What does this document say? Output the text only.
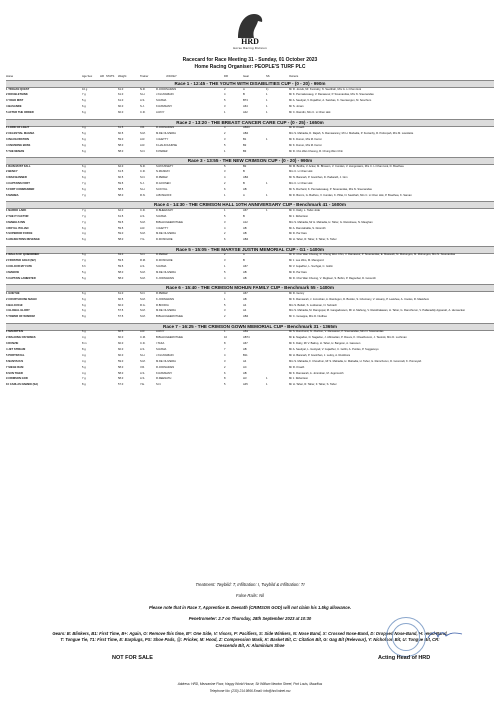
HRD
Horse Racing Division
Racecard for Race Meeting 31 - Sunday, 01 October 2023
Home Racing Organiser: PEOPLE'S TURF PLC
Horse	Age Sex	HR STATS Weight	Trainer	JOCKEY	DR	Gear	SS	Owners
Race 1 - 12:45 - THE YOUTH WITH DISABILITIES CUP - (0 - 20) - 990m
1 TROJAN QUEST	10 g	61.0	N.R.	R.JODDNARAIN	2	A	1)	Mr R. Jouvik, Mr. Kunnaby, N. Seetthah, Mrs G. Li Chen Hok
2 DOUBLETHINK	7 g	61.0	S.H.	J.KLUNGBAIN	4	B	1	Mr K. Pennatussaug, V. Ramasour, P. Sreenandas, Mrs N. Sreenandas
3 YOHO MIST	5 g	61.0	A.S.	S.RAMA	5	BT4	1	Mr A. Seedyal, V. Dujadhur, A. Sambas, K. Veersengun, M. Soochum
4 BASANDE	6 g	60.0	S.J.	K.RAMSAMY	3	A64	1	Mr S. Jonan
5 AFTER THE ORDER	6 g	60.0	C.R.	A.ROY	1	A42	1	Mr C. Ramdin, Mrs C. Li Chen Hok
Race 2 - 13:20 - THE BREAST CANCER CARE CUP - (0 - 25) - 1650m
1 LORD OF LIGHT	4 g	61.5	V.R.	R.JODNARAIN	4	AB43	Mr R. Kroath
2 CELESTIAL MAGMA	5 g	60.5	S.M.	M.DE OLIVEIRA	2	AB4	Mrs S. Mahadia, D. Rajiah, S. Ramsaranny, Mr H. Mahadia, P. Kucianby, R. Pulicopah, Mrs M. Laviolette
3 INAUGURATION	6 g	59.0	A.R.	I.CHETTY	3	B1	1	Mr K. Dunun, Mrs M. Ferrei
4 UNIVERSE BOSS	6 g	58.0	A.R.	K.HALKOHURSE	5	B2	Mr K. Dunun, Mrs M. Ferrei
5 THE NEMAN	6 g	58.0	S.N.	K.PEREZ	1	B3	Mr D. Cho Wan Cheong, R. Chung Wen Chin
Race 3 - 13:55 - THE NEW CRIMSON CUP - (0 - 20) - 990m
1 RAIN MUST FALL	6 g	62.0	N.R.	S.ROUSSETY	5	B2	Mr M. Bodha, V. Ackar, M. Bhowon, V. Cundan, V. Hungooiaim, Mrs C. Li Chan Hok, D. Bowthea
2 BENCY	6 g	61.5	C.R.	N.MANDAY	3	B	Mrs C. Li Chan Hok
3 WAR BANNER	6 g	60.5	S.N.	R.PEREZ	4	AB4	Mr N. Baranah, P. Goolchan, D. Padarath, J. Gim
4 CAPTAINS FORT	7 g	59.5	S.J.	R.GOOSEN	2	B	1	Mrs C. Li Chan Hok
5 FORT COMMANDER	6 g	58.5	S.H.	S.DOYAL	6	AB	Mr S. Rochard, K. Pennatussaug, P. Sreenandas, Mrs N. Sreenandas
6 MAMBA	7 g	58.0	R.N.	A.BOSHOFF	1	A	1	Mr D. Borom, G. Budhoo, V. Cundan, K. Pillai, N. Seetthah, Mrs C. Li Chen Hok, P. Bowthea, K. Saman
Race 4 - 14:30 - THE CRIMSON HALL 10TH ANNIVERSARY CUP - Benchmark 41 - 1600m
1 NARDO LARK	7 g	62.0	C.D.	D.BHEEKARY	1	A67	1	Mr C. Daby, L. Todet Jode
2 THE IT FACTOR	7 g	61.5	A.S.	S.RAMA	5	B	Mr J. Robertson
3 MABELS INN	7 g	59.5	S.M.	B.BHAUGEEROTHEE	3	A12	Mrs S. Mahadia, Mr H. Mahadia, H. Taher, G. Ramsbeee, N. Maughan
4 ROYAL ITALIAN	6 g	59.5	A.R.	I.CHETTY	4	AB	Mr A. Ramcahallia, S. Doomith
5 SUPERIOR FORCE	4 g	59.0	S.M.	M.DE OLIVEIRA	2	AB	Mr D. Par Kare
6 ARLINGTONS REVENGE	6 g	58.0	Y.G.	D.DONOHOE	6	AB4	Mr H. Taher, R. Taher, F. Taher, S. Taher
Race 5 - 15:05 - THE MARYSE JUSTIN MEMORIAL CUP - G1 - 1400m
1 WALLS OF QUIBORNEK	6 g	63.0	S.N.	R.PEREZ	2	A	Mr D. Chui Wan Cheong, R. Chung Wen Chin, V. Ramasour, P. Sreenandas, E. Masseidi, M. Mohungoo, M. Mohungoo, Mrs N. Sreenandas
2 FROSTED GOLD (NZ)	7 g	59.5	R.M.	D.DONOHOE	3	B	Mr J. Lee Woo, M. Mamgond
3 COLOUR MY FATE	6 h	59.5	A.S.	S.RAMA	1	A67	Mr V. Gujadhur, L. Sochgal, C. Gollin
4 MANOSI	5 g	58.0	S.M.	M.DE OLIVEIRA	5	AB	Mr D. Par Kare
5 CAPTAIN LAMBSTER	5 g	58.0	S.M.	K.JODNARAIN	4	AB	Mr D. Chui Wan Cheong, V. Rugbeer, S. Bobin, P. Ragoobar, D. Goounth
Race 6 - 15:40 - THE CRIMSON MOHUN FAMILY CUP - Benchmark 55 - 1400m
1 GOETHE	6 g	61.0	S.N.	R.PEREZ	4	A67	Mr D. Genny
2 COURTHOUSE MAGIC	6 g	60.5	S.M.	K.JODNARAIN	1	AB	Mr K. Ramsarah, J. Jonnoban, A. Ramlugun, D. Bootko, S. Ghurnany, V. Hosany, P. Leekhee, A. Cooles, R. Maekhem
3 BALOUCHI	6 g	60.0	R.G.	R.BOOFIA	5	A4	Mrs S. Beltah, S. Ludraman, N. Subrach
4 GLOBAL GLORY	6 g	57.5	S.M.	M.DE OLIVEIRA	3	A4	Mrs S. Mahadia, M. Ramgopal, M. Gangadosoon, Mr H. Mahung, V. Ramkhalawan, H. Taher, G. Ramchurun, V. Pallanaddy Appanah, A. Hunseckun
5 TOWER OF WISDOM	8 g	57.5	S.M.	B.BHAUGEEROTHEE	2	AB4	Mr C. Gooappa, Mrs D. Nudhee
Race 7 - 16:25 - THE CRIMSON GOWN MEMORIAL CUP - Benchmark 31 - 1365m
1 MAURITIUS	6 g	60.5	A.R.	A.ROY	1	AB1	Mr S. Runchund, N. Jhurbon, V. Ramasour, P. Sreenandas, Mrs N. Sreenandas
2 WALKING ON WINGS	4 g	60.0	C.M.	B.BHAUGEEROTHEE	10	AB74	Mr E. Nagadoo, D. Nagadoo, J. Abbowitan, P. Rouva, K. Cheathoooro, J. Teelock, Mrs D. Luchman
3 DUNZIE	8 m	60.0	C.D.	I.TAKA	8	A67	Mr K. Daby, Mr V. Balrup, H. Taher, H. Bargoon, A. Gassoun
4 JET STREAM	8 g	60.0	A.S.	S.RAMA	7	AB	Mr A. Seedyal, L. Goolyad, V. Gujadhur, C. Gollin, A. Purdes, P. Sugganeyo
5 PORTRAYAL	4 g	60.0	S.H.	J.KLUNGBAIN	4	B11	Mr H. Baranah, P. Goolchan, J. Ledoy, A. Ruckbora
6 NANTACUS	4 g	59.0	S.M.	M.DE OLIVEIRA	3	A4	Mrs S. Mahadia, F. Choudrun, Mr S. Mahadia, H. Mahadia, H. Taher, G. Ramchurun, D. Gooroodi, K. Poimoyah
7 SIEGE RAM	5 g	58.0	V.R.	R.JODNARAIN	2	AC	Mr R. Kroath
8 SUN TIGER	4 g	58.0	A.S.	K.RAMSAMY	6	AB	Mr K. Ramsarah, A. Jonnoban, M. Jugomooth
9 CRIMSON GOD	7 g	58.0	A.S.	R.DEENATH	8	H3	1	Mr J. Robertson
10 CARLAS NAMBO (SA)	8 g	57.0	Y.E.	S.N.	5	A45	1	Mr H. Taher, R. Taher, F. Taher, S. Taher
Treatment: Twybild: T, Infiltration: I, Twybild & Infiltration: TI
False Rails: Nil
Please note that in Race 7, Apprentice B. Deenath (CRIMSON GOD) will not claim his 1.5kg allowance.
Penetrometer: 2.7 on Thursday, 28th September 2023 at 10:30
Gears: B: Blinkers, B1: First Time, B+: Again, O: Remove this time, B*: One Side, V: Visors, P: Pacifiers, S: Side Winkers, N: Nose Band, X: Crossed Nose-Band, D: Dropped Nose-Band, H: Head-Band, T: Tongue Tie, T1: First Time, E: Earplugs, PS: Shoe Pads, @: Pricker, M: Hood, Z: Compression Mask, K: Basket Bit, C: Citation Bit, G: Gag Bit (Relevour), Y: Nicholson Bit, U: Tongue Bit, CR: Crescendo Bit, A: Aluminium Shoe
NOT FOR SALE	Acting Head of HRD
Address: HRD, Mezzanine Floor, Happy World House, Sir William Newton Street, Port Louis, Mauritius
Telephone No: (230) 214 9866 Email: info@hrd.intnet.mu
